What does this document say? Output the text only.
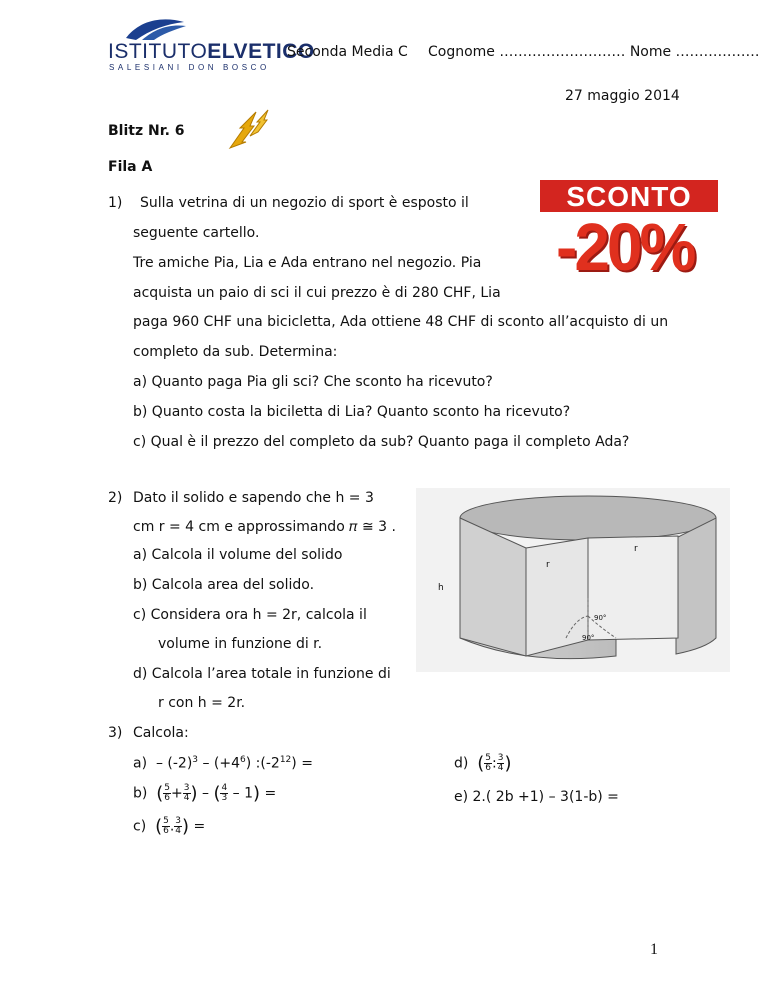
ISTITUTOELVETICO
SALESIANI DON BOSCO
Seconda Media C Cognome ……………………… Nome ………………
27 maggio 2014
Blitz Nr. 6
Fila A
1) Sulla vetrina di un negozio di sport è esposto il
seguente cartello.
Tre amiche Pia, Lia e Ada entrano nel negozio. Pia
acquista un paio di sci il cui prezzo è di 280 CHF, Lia
paga 960 CHF una bicicletta, Ada ottiene 48 CHF di sconto all’acquisto di un
completo da sub. Determina:
a) Quanto paga Pia gli sci? Che sconto ha ricevuto?
b) Quanto costa la biciletta di Lia? Quanto sconto ha ricevuto?
c) Qual è il prezzo del completo da sub? Quanto paga il completo Ada?
SCONTO
-20%
2) Dato il solido e sapendo che h = 3
cm r = 4 cm e approssimando 𝜋 ≅ 3 .
a) Calcola il volume del solido
b) Calcola area del solido.
c) Considera ora h = 2r, calcola il
volume in funzione di r.
d) Calcola l’area totale in funzione di
r con h = 2r.
h
r
r
90°
90°
3) Calcola:
$a) - (-2)^3 - (+4^6)$ $:(-2^{12})$ =
b) ( $\frac{5}{6} + \frac{3}{4}$ ) – ( $\frac{4}{3} - 1$) =
c) ( $\frac{5}{6}$ . $\frac{3}{4}$ ) =
d) ( $\frac{5}{6}$ : $\frac{3}{4}$ )
e) 2.( 2b +1) – 3(1-b) =
1
